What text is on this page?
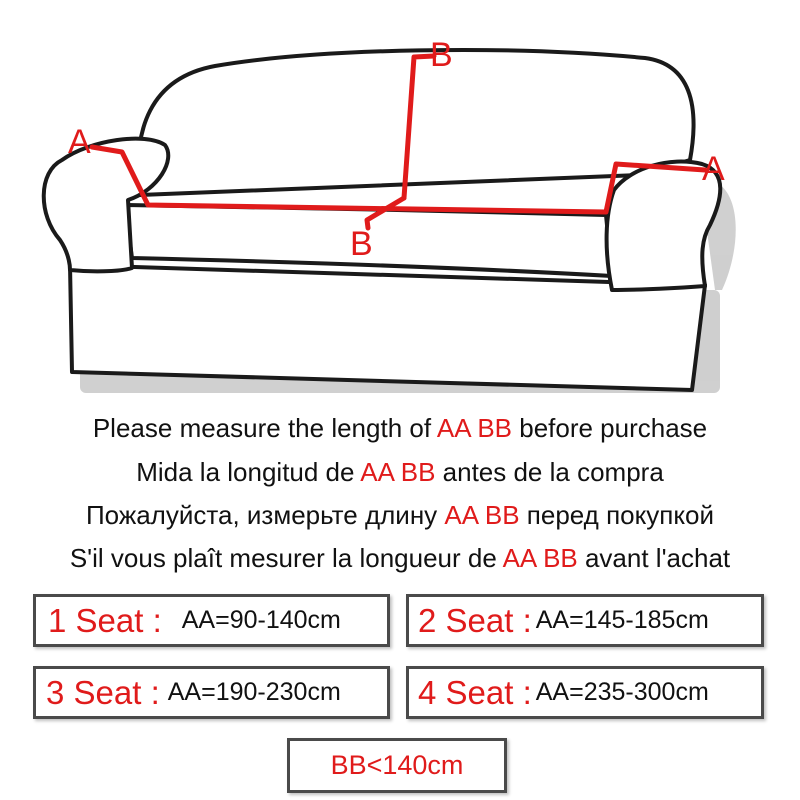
A
A
B
B
Please measure the length of AA BB before purchase
Mida la longitud de AA BB antes de la compra
Пожалуйста, измерьте длину AA BB перед покупкой
S'il vous plaît mesurer la longueur de AA BB avant l'achat
1 Seat : AA=90-140cm 2 Seat : AA=145-185cm
3 Seat : AA=190-230cm 4 Seat : AA=235-300cm
BB<140cm
